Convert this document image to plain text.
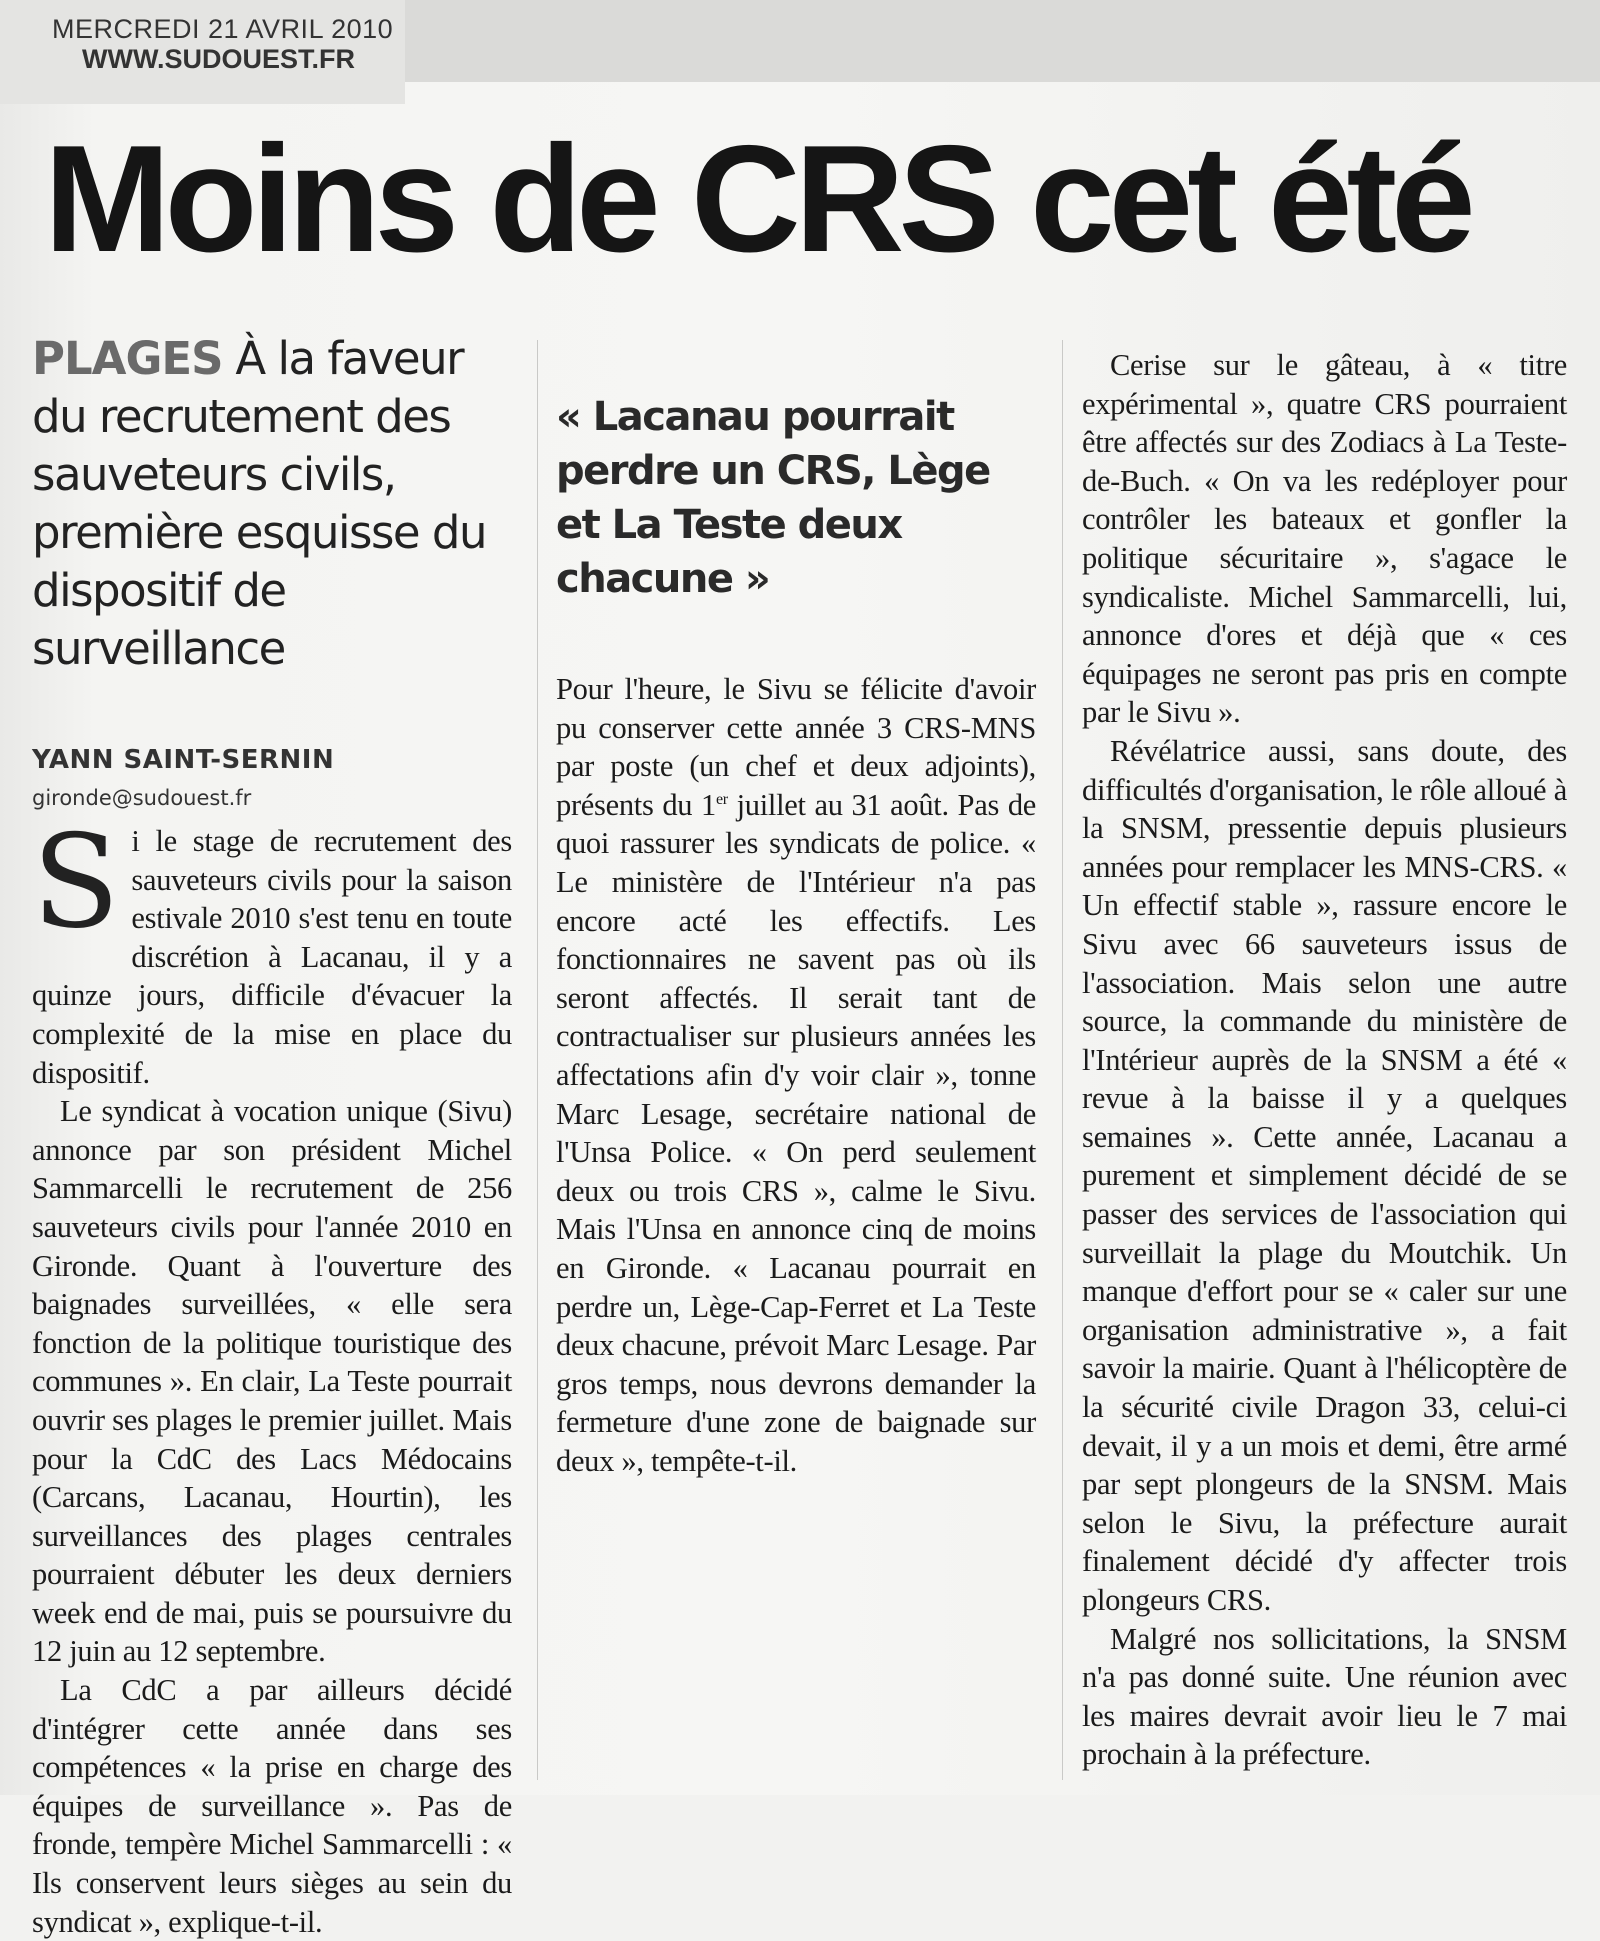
MERCREDI 21 AVRIL 2010
WWW.SUDOUEST.FR
Moins de CRS cet été
PLAGES À la faveur du recrutement des sauveteurs civils, première esquisse du dispositif de surveillance
YANN SAINT-SERNIN
gironde@sudouest.fr

Si le stage de recrutement des sauveteurs civils pour la saison estivale 2010 s'est tenu en toute discrétion à Lacanau, il y a quinze jours, difficile d'évacuer la complexité de la mise en place du dispositif.

Le syndicat à vocation unique (Sivu) annonce par son président Michel Sammarcelli le recrutement de 256 sauveteurs civils pour l'année 2010 en Gironde. Quant à l'ouverture des baignades surveillées, « elle sera fonction de la politique touristique des communes ». En clair, La Teste pourrait ouvrir ses plages le premier juillet. Mais pour la CdC des Lacs Médocains (Carcans, Lacanau, Hourtin), les surveillances des plages centrales pourraient débuter les deux derniers week end de mai, puis se poursuivre du 12 juin au 12 septembre.

La CdC a par ailleurs décidé d'intégrer cette année dans ses compétences « la prise en charge des équipes de surveillance ». Pas de fronde, tempère Michel Sammarcelli : « Ils conservent leurs sièges au sein du syndicat », explique-t-il.

« Lacanau pourrait perdre un CRS, Lège et La Teste deux chacune »

Pour l'heure, le Sivu se félicite d'avoir pu conserver cette année 3 CRS-MNS par poste (un chef et deux adjoints), présents du 1er juillet au 31 août. Pas de quoi rassurer les syndicats de police. « Le ministère de l'Intérieur n'a pas encore acté les effectifs. Les fonctionnaires ne savent pas où ils seront affectés. Il serait tant de contractualiser sur plusieurs années les affectations afin d'y voir clair », tonne Marc Lesage, secrétaire national de l'Unsa Police. « On perd seulement deux ou trois CRS », calme le Sivu. Mais l'Unsa en annonce cinq de moins en Gironde. « Lacanau pourrait en perdre un, Lège-Cap-Ferret et La Teste deux chacune, prévoit Marc Lesage. Par gros temps, nous devrons demander la fermeture d'une zone de baignade sur deux », tempête-t-il.

Cerise sur le gâteau, à « titre expérimental », quatre CRS pourraient être affectés sur des Zodiacs à La Teste-de-Buch. « On va les redéployer pour contrôler les bateaux et gonfler la politique sécuritaire », s'agace le syndicaliste. Michel Sammarcelli, lui, annonce d'ores et déjà que « ces équipages ne seront pas pris en compte par le Sivu ».

Révélatrice aussi, sans doute, des difficultés d'organisation, le rôle alloué à la SNSM, pressentie depuis plusieurs années pour remplacer les MNS-CRS. « Un effectif stable », rassure encore le Sivu avec 66 sauveteurs issus de l'association. Mais selon une autre source, la commande du ministère de l'Intérieur auprès de la SNSM a été « revue à la baisse il y a quelques semaines ». Cette année, Lacanau a purement et simplement décidé de se passer des services de l'association qui surveillait la plage du Moutchik. Un manque d'effort pour se « caler sur une organisation administrative », a fait savoir la mairie. Quant à l'hélicoptère de la sécurité civile Dragon 33, celui-ci devait, il y a un mois et demi, être armé par sept plongeurs de la SNSM. Mais selon le Sivu, la préfecture aurait finalement décidé d'y affecter trois plongeurs CRS.

Malgré nos sollicitations, la SNSM n'a pas donné suite. Une réunion avec les maires devrait avoir lieu le 7 mai prochain à la préfecture.
